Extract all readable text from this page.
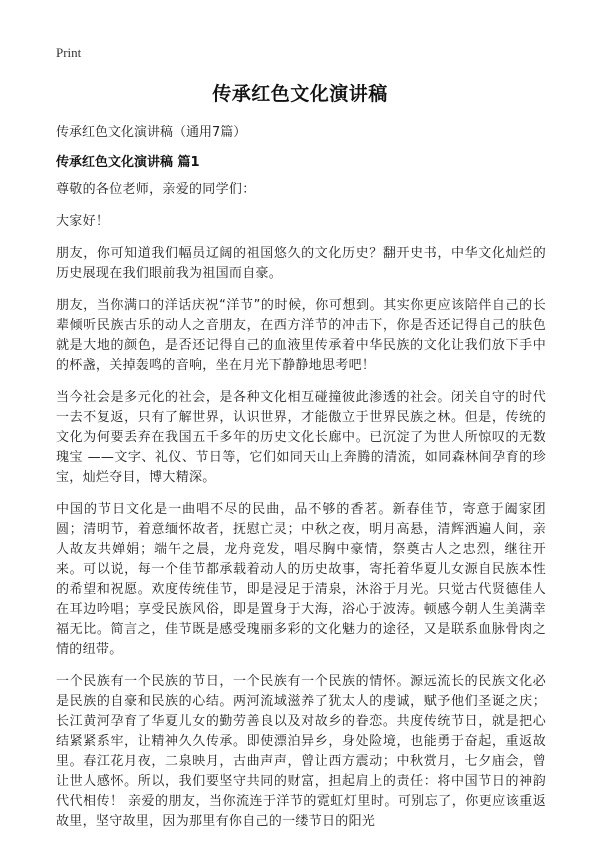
Print
传承红色文化演讲稿
传承红色文化演讲稿（通用7篇）
传承红色文化演讲稿 篇1

尊敬的各位老师，亲爱的同学们：

大家好！

朋友，你可知道我们幅员辽阔的祖国悠久的文化历史？翻开史书，中华文化灿烂的历史展现在我们眼前我为祖国而自豪。

朋友，当你满口的洋话庆祝“洋节”的时候，你可想到。其实你更应该陪伴自己的长辈倾听民族古乐的动人之音朋友，在西方洋节的冲击下，你是否还记得自己的肤色就是大地的颜色，是否还记得自己的血液里传承着中华民族的文化让我们放下手中的杯盏，关掉轰鸣的音响，坐在月光下静静地思考吧！

当今社会是多元化的社会，是各种文化相互碰撞彼此渗透的社会。闭关自守的时代一去不复返，只有了解世界，认识世界，才能傲立于世界民族之林。但是，传统的文化为何要丢弃在我国五千多年的历史文化长廊中。已沉淀了为世人所惊叹的无数瑰宝 ——文字、礼仪、节日等，它们如同天山上奔腾的清流，如同森林间孕育的珍宝，灿烂夺目，博大精深。

中国的节日文化是一曲唱不尽的民曲，品不够的香茗。新春佳节，寄意于阖家团圆；清明节，着意缅怀故者，抚慰亡灵；中秋之夜，明月高悬，清辉洒遍人间，亲人故友共婵娟；端午之晨，龙舟竞发，唱尽胸中豪情，祭奠古人之忠烈，继往开来。可以说，每一个佳节都承载着动人的历史故事，寄托着华夏儿女源自民族本性的希望和祝愿。欢度传统佳节，即是浸足于清泉，沐浴于月光。只觉古代贤德佳人在耳边吟唱；享受民族风俗，即是置身于大海，浴心于波涛。顿感今朝人生美满幸福无比。简言之，佳节既是感受瑰丽多彩的文化魅力的途径，又是联系血脉骨肉之情的纽带。

一个民族有一个民族的节日，一个民族有一个民族的情怀。源远流长的民族文化必是民族的自豪和民族的心结。两河流域滋养了犹太人的虔诚，赋予他们圣诞之庆；长江黄河孕育了华夏儿女的勤劳善良以及对故乡的眷恋。共度传统节日，就是把心结紧紧系牢，让精神久久传承。即使漂泊异乡，身处险境，也能勇于奋起，重返故里。春江花月夜，二泉映月，古曲声声，曾让西方震动；中秋赏月，七夕庙会，曾让世人感怀。所以，我们要坚守共同的财富，担起肩上的责任：将中国节日的神韵代代相传！ 亲爱的朋友，当你流连于洋节的霓虹灯里时。可别忘了，你更应该重返故里，坚守故里，因为那里有你自己的一缕节日的阳光
